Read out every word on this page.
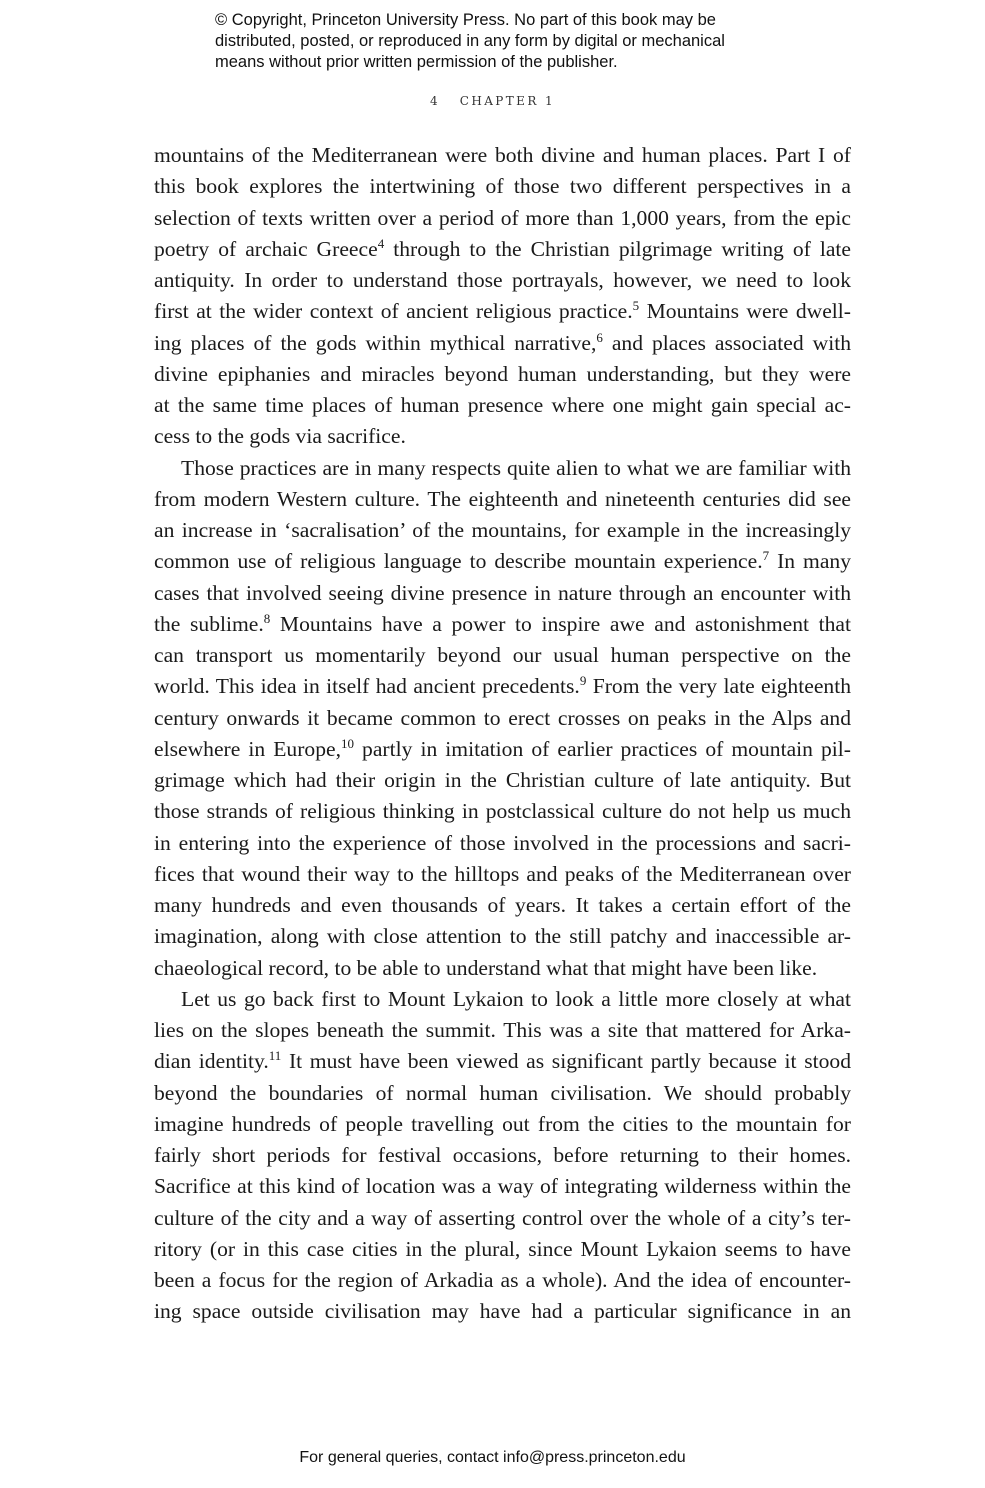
© Copyright, Princeton University Press. No part of this book may be
distributed, posted, or reproduced in any form by digital or mechanical
means without prior written permission of the publisher.
4 CHAPTER 1
mountains of the Mediterranean were both divine and human places. Part I of
this book explores the intertwining of those two different perspectives in a
selection of texts written over a period of more than 1,000 years, from the epic
poetry of archaic Greece$^4$ through to the Christian pilgrimage writing of late
antiquity. In order to understand those portrayals, however, we need to look
first at the wider context of ancient religious practice.$^5$ Mountains were dwell-
ing places of the gods within mythical narrative,$^6$ and places associated with
divine epiphanies and miracles beyond human understanding, but they were
at the same time places of human presence where one might gain special ac-
cess to the gods via sacrifice.
Those practices are in many respects quite alien to what we are familiar with
from modern Western culture. The eighteenth and nineteenth centuries did see
an increase in ‘sacralisation’ of the mountains, for example in the increasingly
common use of religious language to describe mountain experience.$^7$ In many
cases that involved seeing divine presence in nature through an encounter with
the sublime.$^8$ Mountains have a power to inspire awe and astonishment that
can transport us momentarily beyond our usual human perspective on the
world. This idea in itself had ancient precedents.$^9$ From the very late eighteenth
century onwards it became common to erect crosses on peaks in the Alps and
elsewhere in Europe,$^{10}$ partly in imitation of earlier practices of mountain pil-
grimage which had their origin in the Christian culture of late antiquity. But
those strands of religious thinking in postclassical culture do not help us much
in entering into the experience of those involved in the processions and sacri-
fices that wound their way to the hilltops and peaks of the Mediterranean over
many hundreds and even thousands of years. It takes a certain effort of the
imagination, along with close attention to the still patchy and inaccessible ar-
chaeological record, to be able to understand what that might have been like.
Let us go back first to Mount Lykaion to look a little more closely at what
lies on the slopes beneath the summit. This was a site that mattered for Arka-
dian identity.$^{11}$ It must have been viewed as significant partly because it stood
beyond the boundaries of normal human civilisation. We should probably
imagine hundreds of people travelling out from the cities to the mountain for
fairly short periods for festival occasions, before returning to their homes.
Sacrifice at this kind of location was a way of integrating wilderness within the
culture of the city and a way of asserting control over the whole of a city’s ter-
ritory (or in this case cities in the plural, since Mount Lykaion seems to have
been a focus for the region of Arkadia as a whole). And the idea of encounter-
ing space outside civilisation may have had a particular significance in an
For general queries, contact info@press.princeton.edu
